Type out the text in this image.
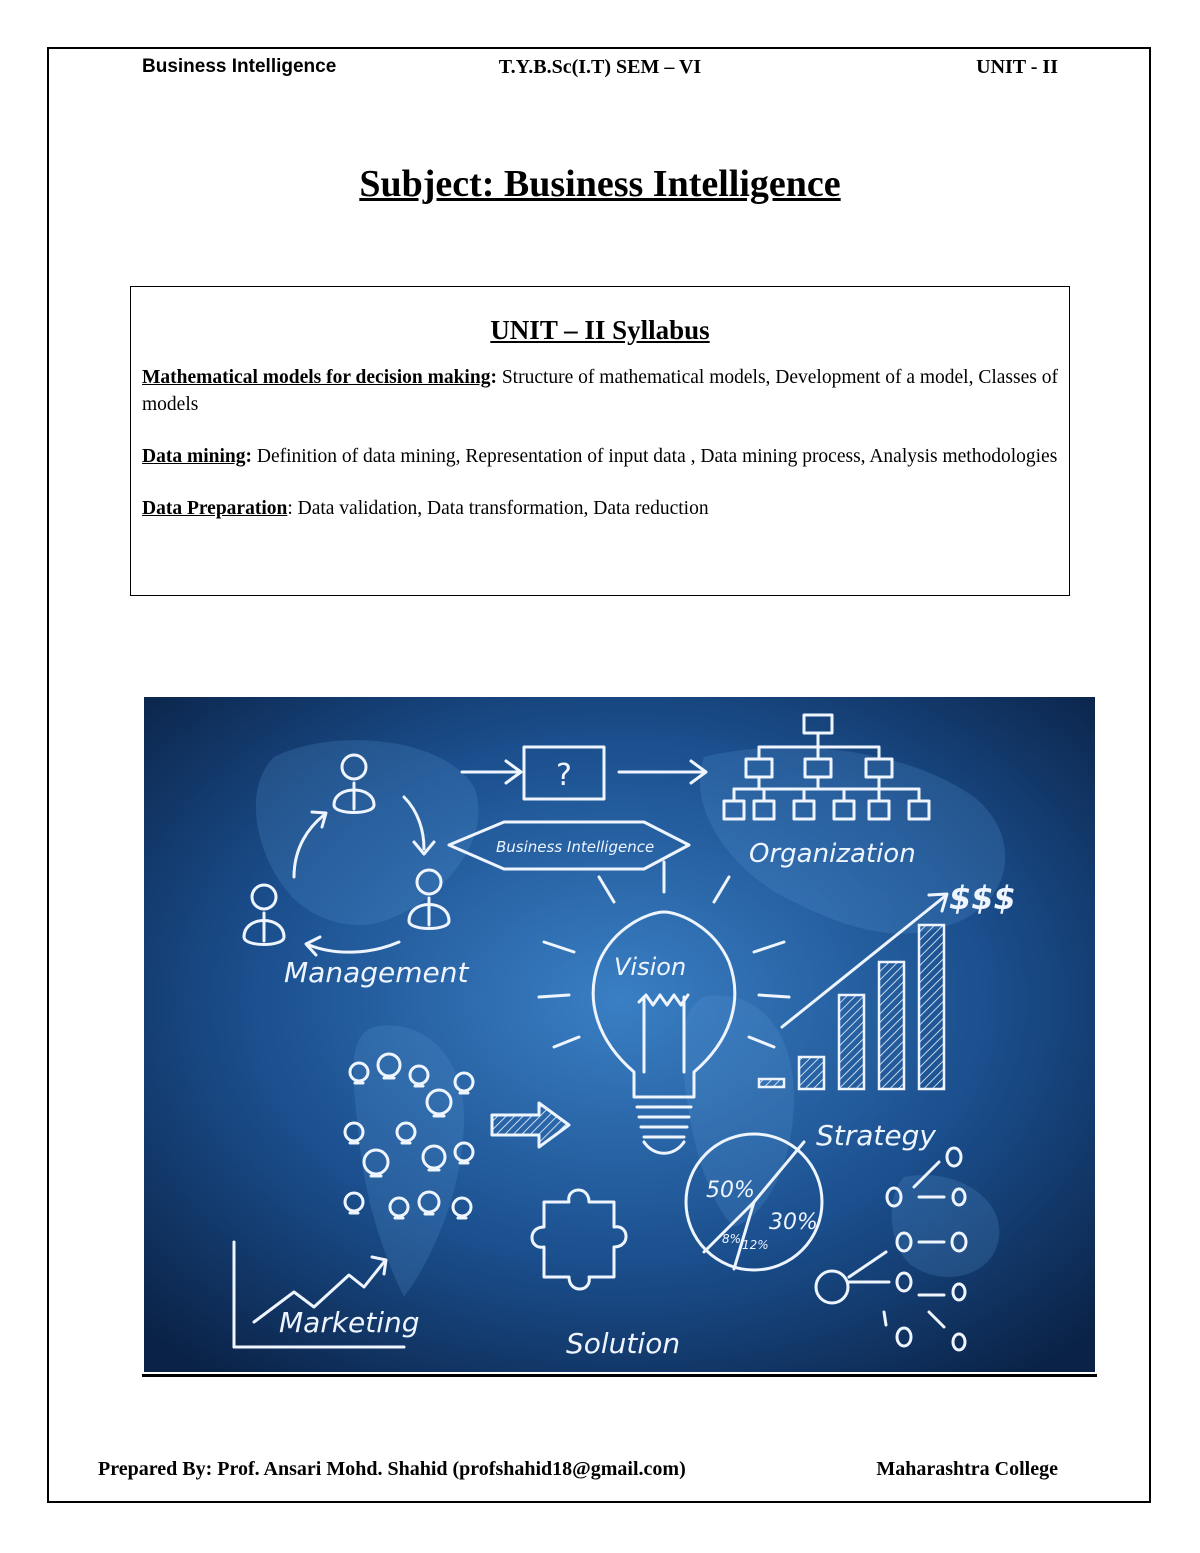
Business Intelligence	T.Y.B.Sc(I.T) SEM – VI	UNIT - II
Subject: Business Intelligence
UNIT – II Syllabus

Mathematical models for decision making: Structure of mathematical models, Development of a model, Classes of models

Data mining: Definition of data mining, Representation of input data , Data mining process, Analysis methodologies

Data Preparation: Data validation, Data transformation, Data reduction

Management
?
Business Intelligence	Organization
$$$
Vision
Strategy
50%
30%
8% 12%
Marketing
Solution
Prepared By: Prof. Ansari Mohd. Shahid (profshahid18@gmail.com)	Maharashtra College
